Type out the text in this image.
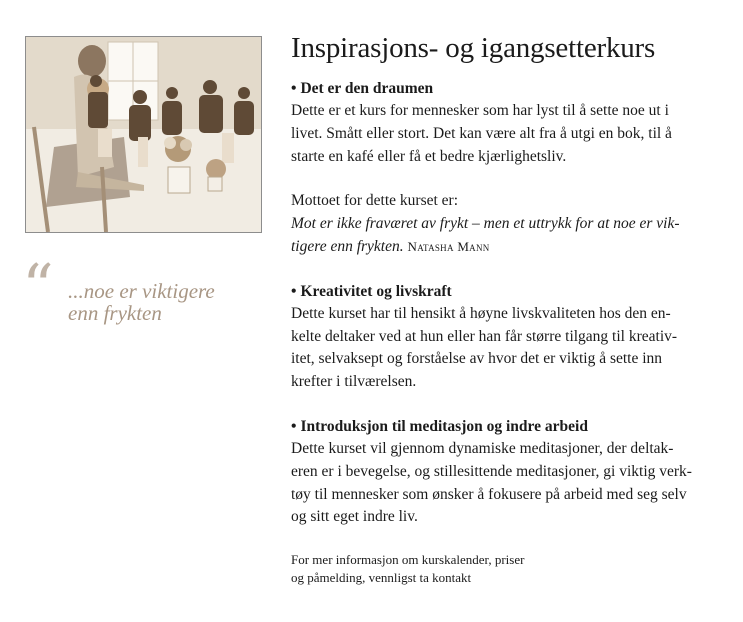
“ ...noe er viktigere
enn frykten
Inspirasjons- og igangsetterkurs

• Det er den draumen

Dette er et kurs for mennesker som har lyst til å sette noe ut i
livet. Smått eller stort. Det kan være alt fra å utgi en bok, til å
starte en kafé eller få et bedre kjærlighetsliv.

Mottoet for dette kurset er:

Mot er ikke fraværet av frykt – men et uttrykk for at noe er vik-
tigere enn frykten. Natasha Mann

• Kreativitet og livskraft

Dette kurset har til hensikt å høyne livskvaliteten hos den en-
kelte deltaker ved at hun eller han får større tilgang til kreativ-
itet, selvaksept og forståelse av hvor det er viktig å sette inn
krefter i tilværelsen.

• Introduksjon til meditasjon og indre arbeid

Dette kurset vil gjennom dynamiske meditasjoner, der deltak-
eren er i bevegelse, og stillesittende meditasjoner, gi viktig verk-
tøy til mennesker som ønsker å fokusere på arbeid med seg selv
og sitt eget indre liv.

For mer informasjon om kurskalender, priser
og påmelding, vennligst ta kontakt
